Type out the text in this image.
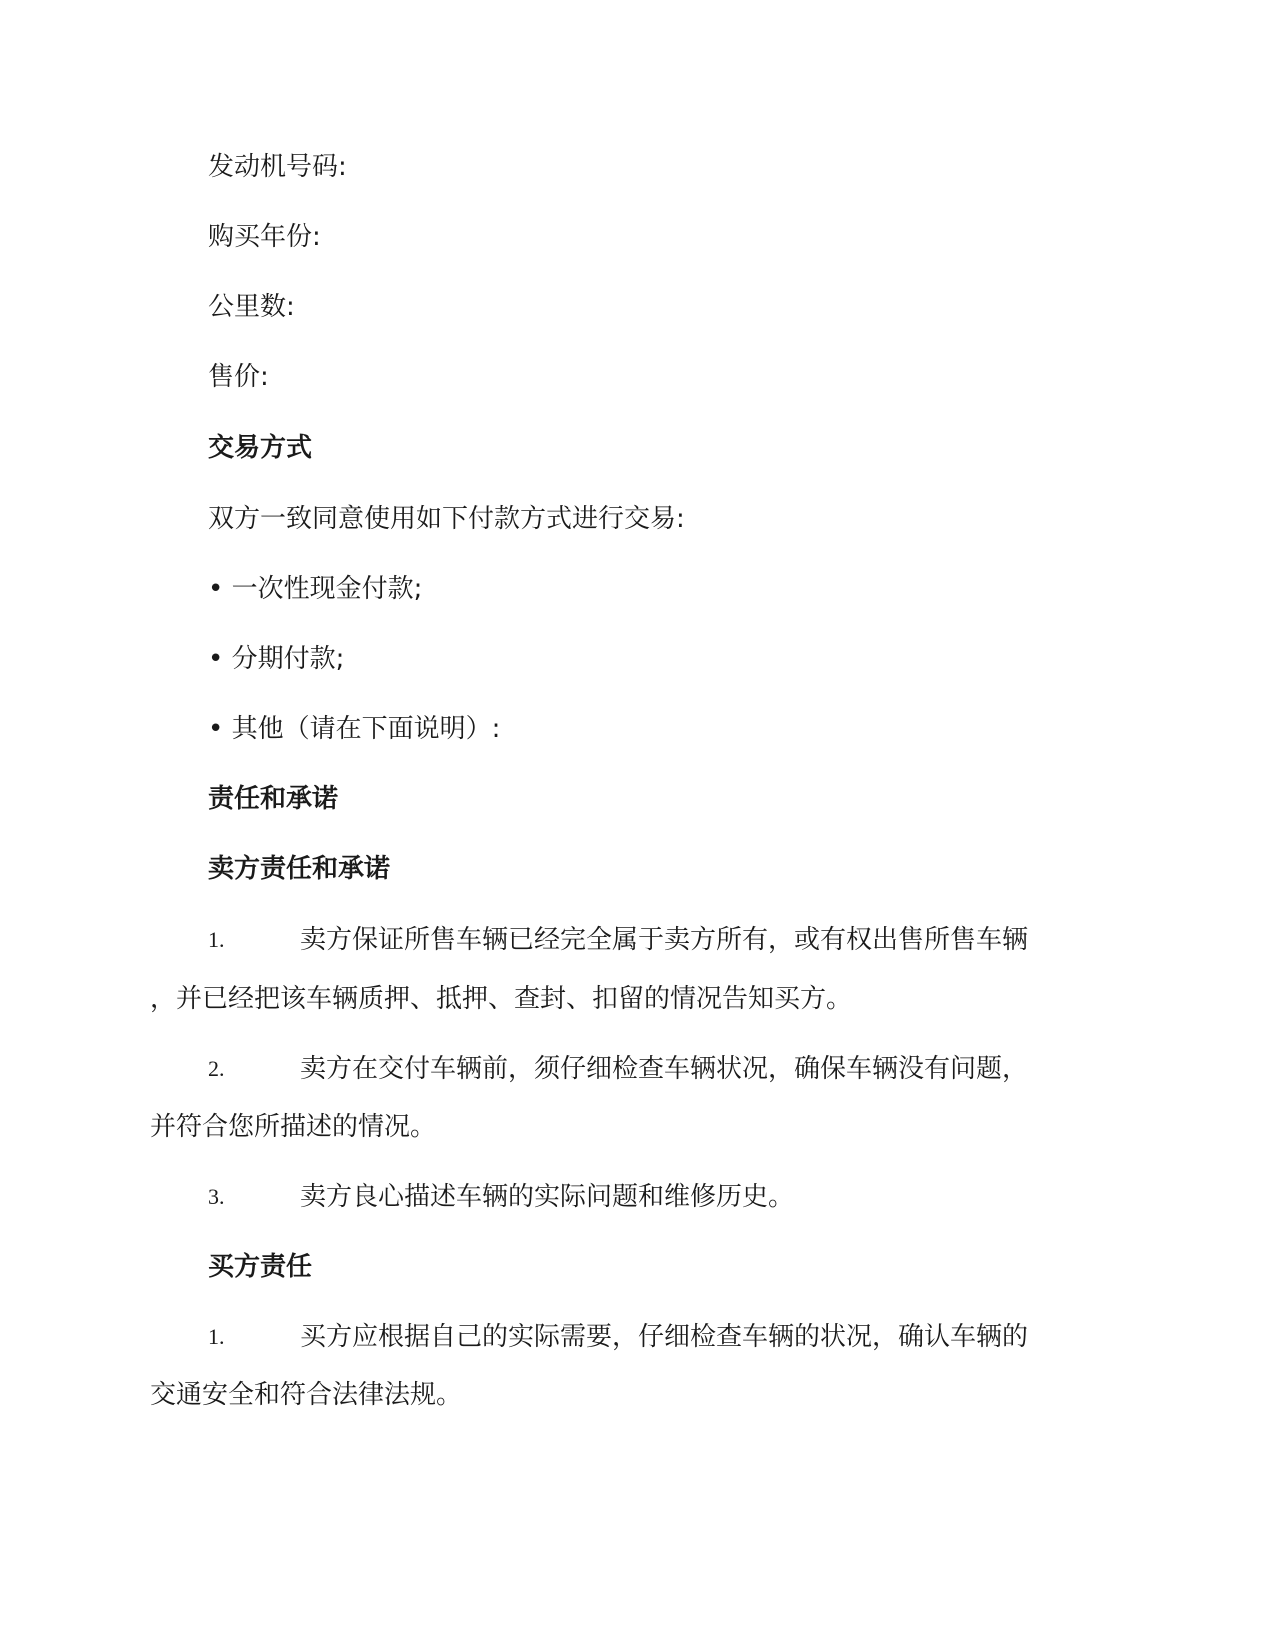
发动机号码:
购买年份:
公里数:
售价:
交易方式
双方一致同意使用如下付款方式进行交易:
• 一次性现金付款;
• 分期付款;
• 其他（请在下面说明）:
责任和承诺
卖方责任和承诺
1.	卖方保证所售车辆已经完全属于卖方所有，或有权出售所售车辆
，并已经把该车辆质押、抵押、查封、扣留的情况告知买方。
2.	卖方在交付车辆前，须仔细检查车辆状况，确保车辆没有问题，
并符合您所描述的情况。
3.	卖方良心描述车辆的实际问题和维修历史。
买方责任
1.	买方应根据自己的实际需要，仔细检查车辆的状况，确认车辆的
交通安全和符合法律法规。
